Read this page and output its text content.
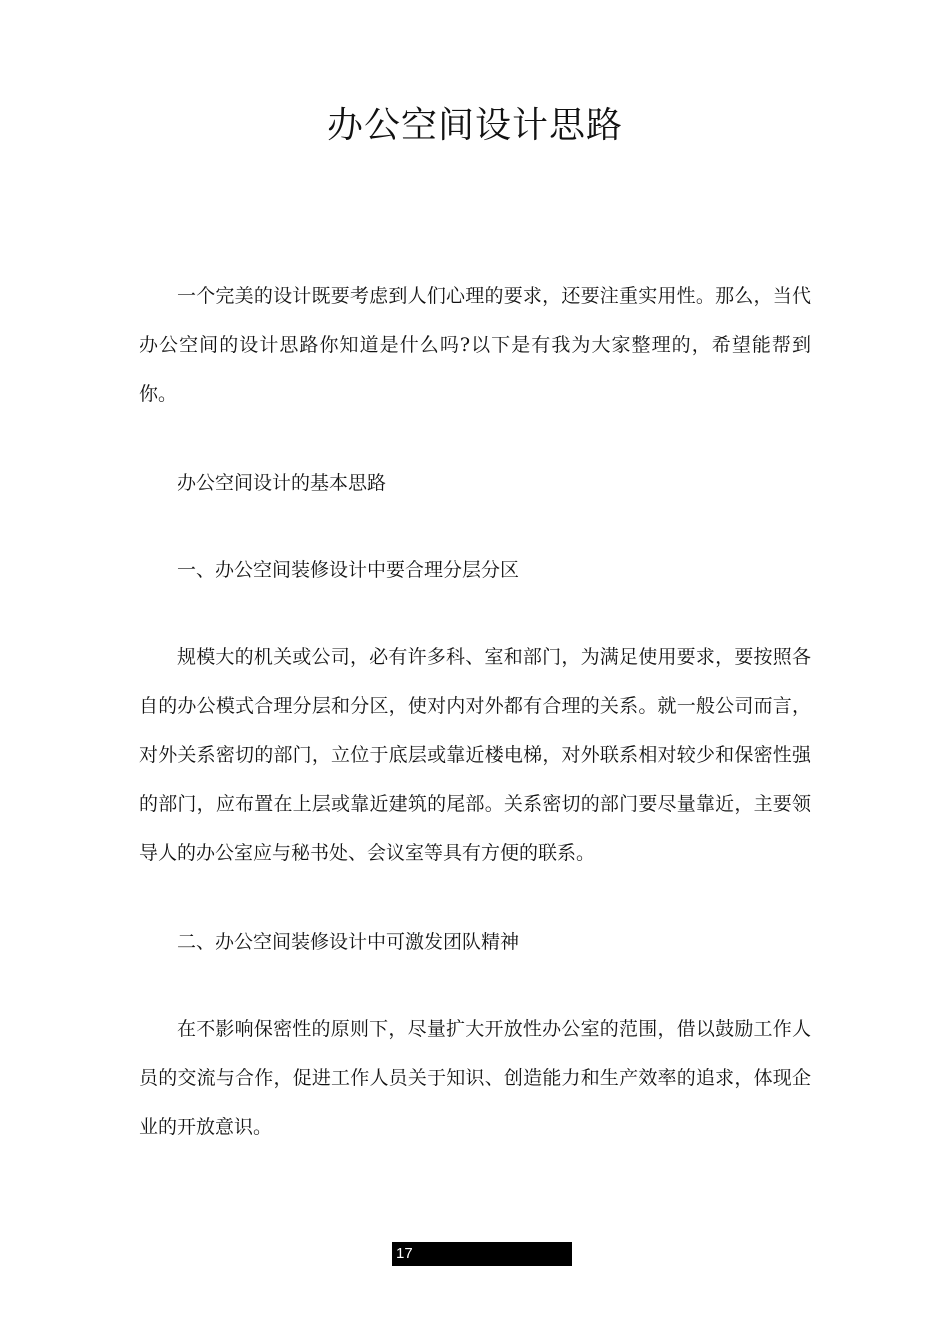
办公空间设计思路

一个完美的设计既要考虑到人们心理的要求，还要注重实用性。那么，当代办公空间的设计思路你知道是什么吗?以下是有我为大家整理的，希望能帮到你。

办公空间设计的基本思路

一、办公空间装修设计中要合理分层分区

规模大的机关或公司，必有许多科、室和部门，为满足使用要求，要按照各自的办公模式合理分层和分区，使对内对外都有合理的关系。就一般公司而言，对外关系密切的部门，立位于底层或靠近楼电梯，对外联系相对较少和保密性强的部门，应布置在上层或靠近建筑的尾部。关系密切的部门要尽量靠近，主要领导人的办公室应与秘书处、会议室等具有方便的联系。

二、办公空间装修设计中可激发团队精神

在不影响保密性的原则下，尽量扩大开放性办公室的范围，借以鼓励工作人员的交流与合作，促进工作人员关于知识、创造能力和生产效率的追求，体现企业的开放意识。

17
